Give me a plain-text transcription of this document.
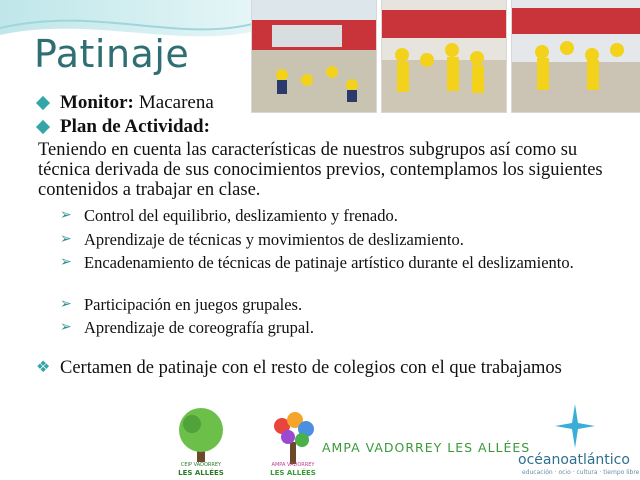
Patinaje
Monitor: Macarena
Plan de Actividad:
Teniendo en cuenta las características de nuestros subgrupos así como su técnica derivada de sus conocimientos previos, contemplamos los siguientes contenidos a trabajar en clase.
➢ Control del equilibrio, deslizamiento y frenado.
➢ Aprendizaje de técnicas y movimientos de deslizamiento.
➢ Encadenamiento de técnicas de patinaje artístico durante el deslizamiento.
➢ Participación en juegos grupales.
➢ Aprendizaje de coreografía grupal.
❖ Certamen de patinaje con el resto de colegios con el que trabajamos
CEIP VADORREY
LES ALLÉES
AMPA VADORREY
LES ALLÉES
AMPA VADORREY LES ALLÉES
océanoatlántico
educación · ocio · cultura · tiempo libre
